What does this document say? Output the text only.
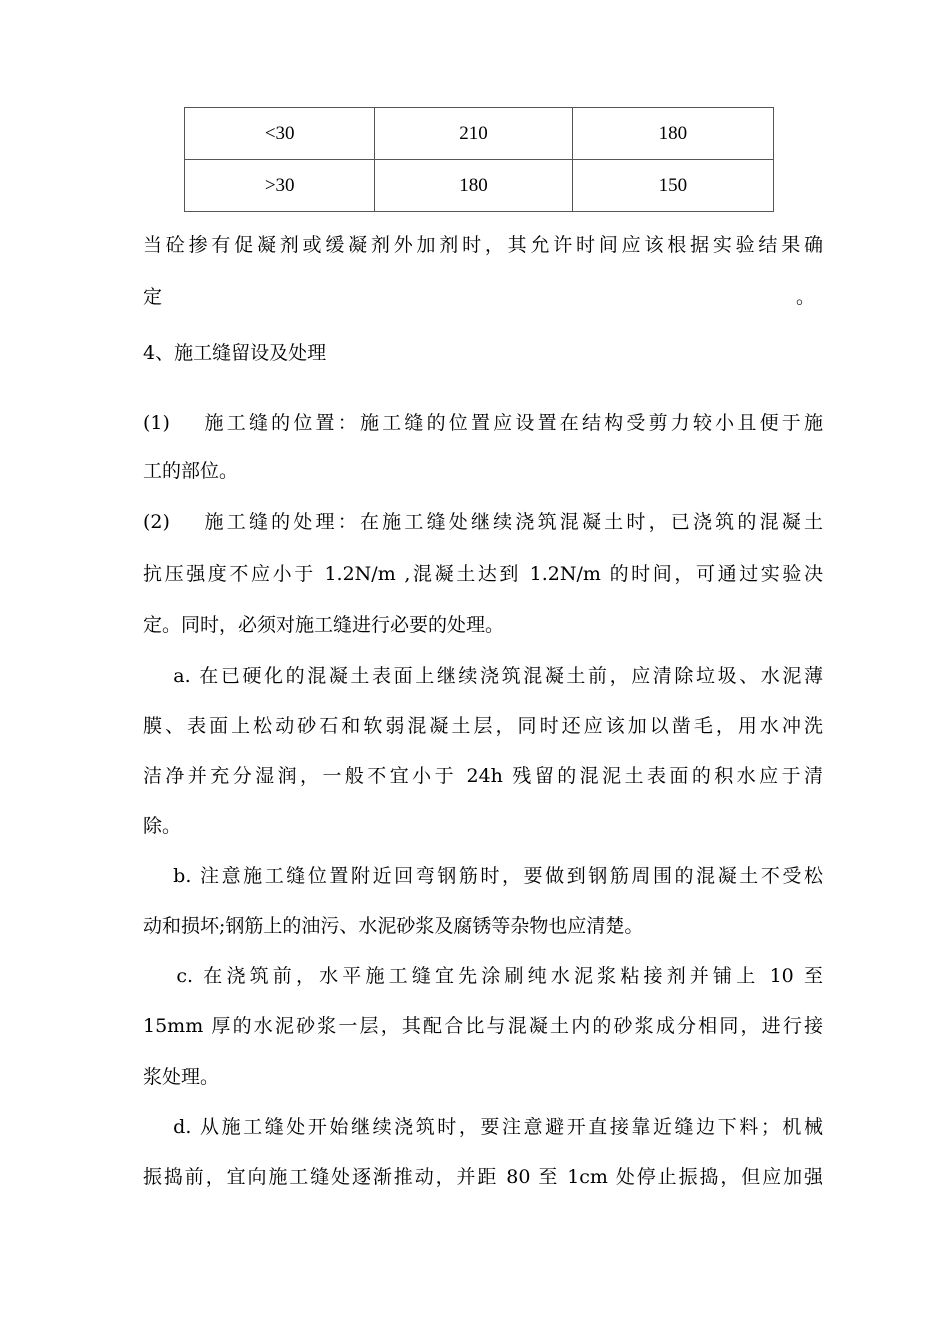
<30	210	180
>30	180	150
当砼掺有促凝剂或缓凝剂外加剂时，其允许时间应该根据实验结果确
定	。
4、施工缝留设及处理
(1)　 施工缝的位置：施工缝的位置应设置在结构受剪力较小且便于施
工的部位。
(2)　 施工缝的处理：在施工缝处继续浇筑混凝土时，已浇筑的混凝土
抗压强度不应小于 1.2N/m ,混凝土达到 1.2N/m 的时间，可通过实验决
定。同时，必须对施工缝进行必要的处理。
　 a. 在已硬化的混凝土表面上继续浇筑混凝土前，应清除垃圾、水泥薄
膜、表面上松动砂石和软弱混凝土层，同时还应该加以凿毛，用水冲洗
洁净并充分湿润，一般不宜小于 24h 残留的混泥土表面的积水应于清
除。
　 b. 注意施工缝位置附近回弯钢筋时，要做到钢筋周围的混凝土不受松
动和损坏;钢筋上的油污、水泥砂浆及腐锈等杂物也应清楚。
　 c. 在浇筑前，水平施工缝宜先涂刷纯水泥浆粘接剂并铺上 10 至
15mm 厚的水泥砂浆一层，其配合比与混凝土内的砂浆成分相同，进行接
浆处理。
　 d. 从施工缝处开始继续浇筑时，要注意避开直接靠近缝边下料；机械
振捣前，宜向施工缝处逐渐推动，并距 80 至 1cm 处停止振捣，但应加强
